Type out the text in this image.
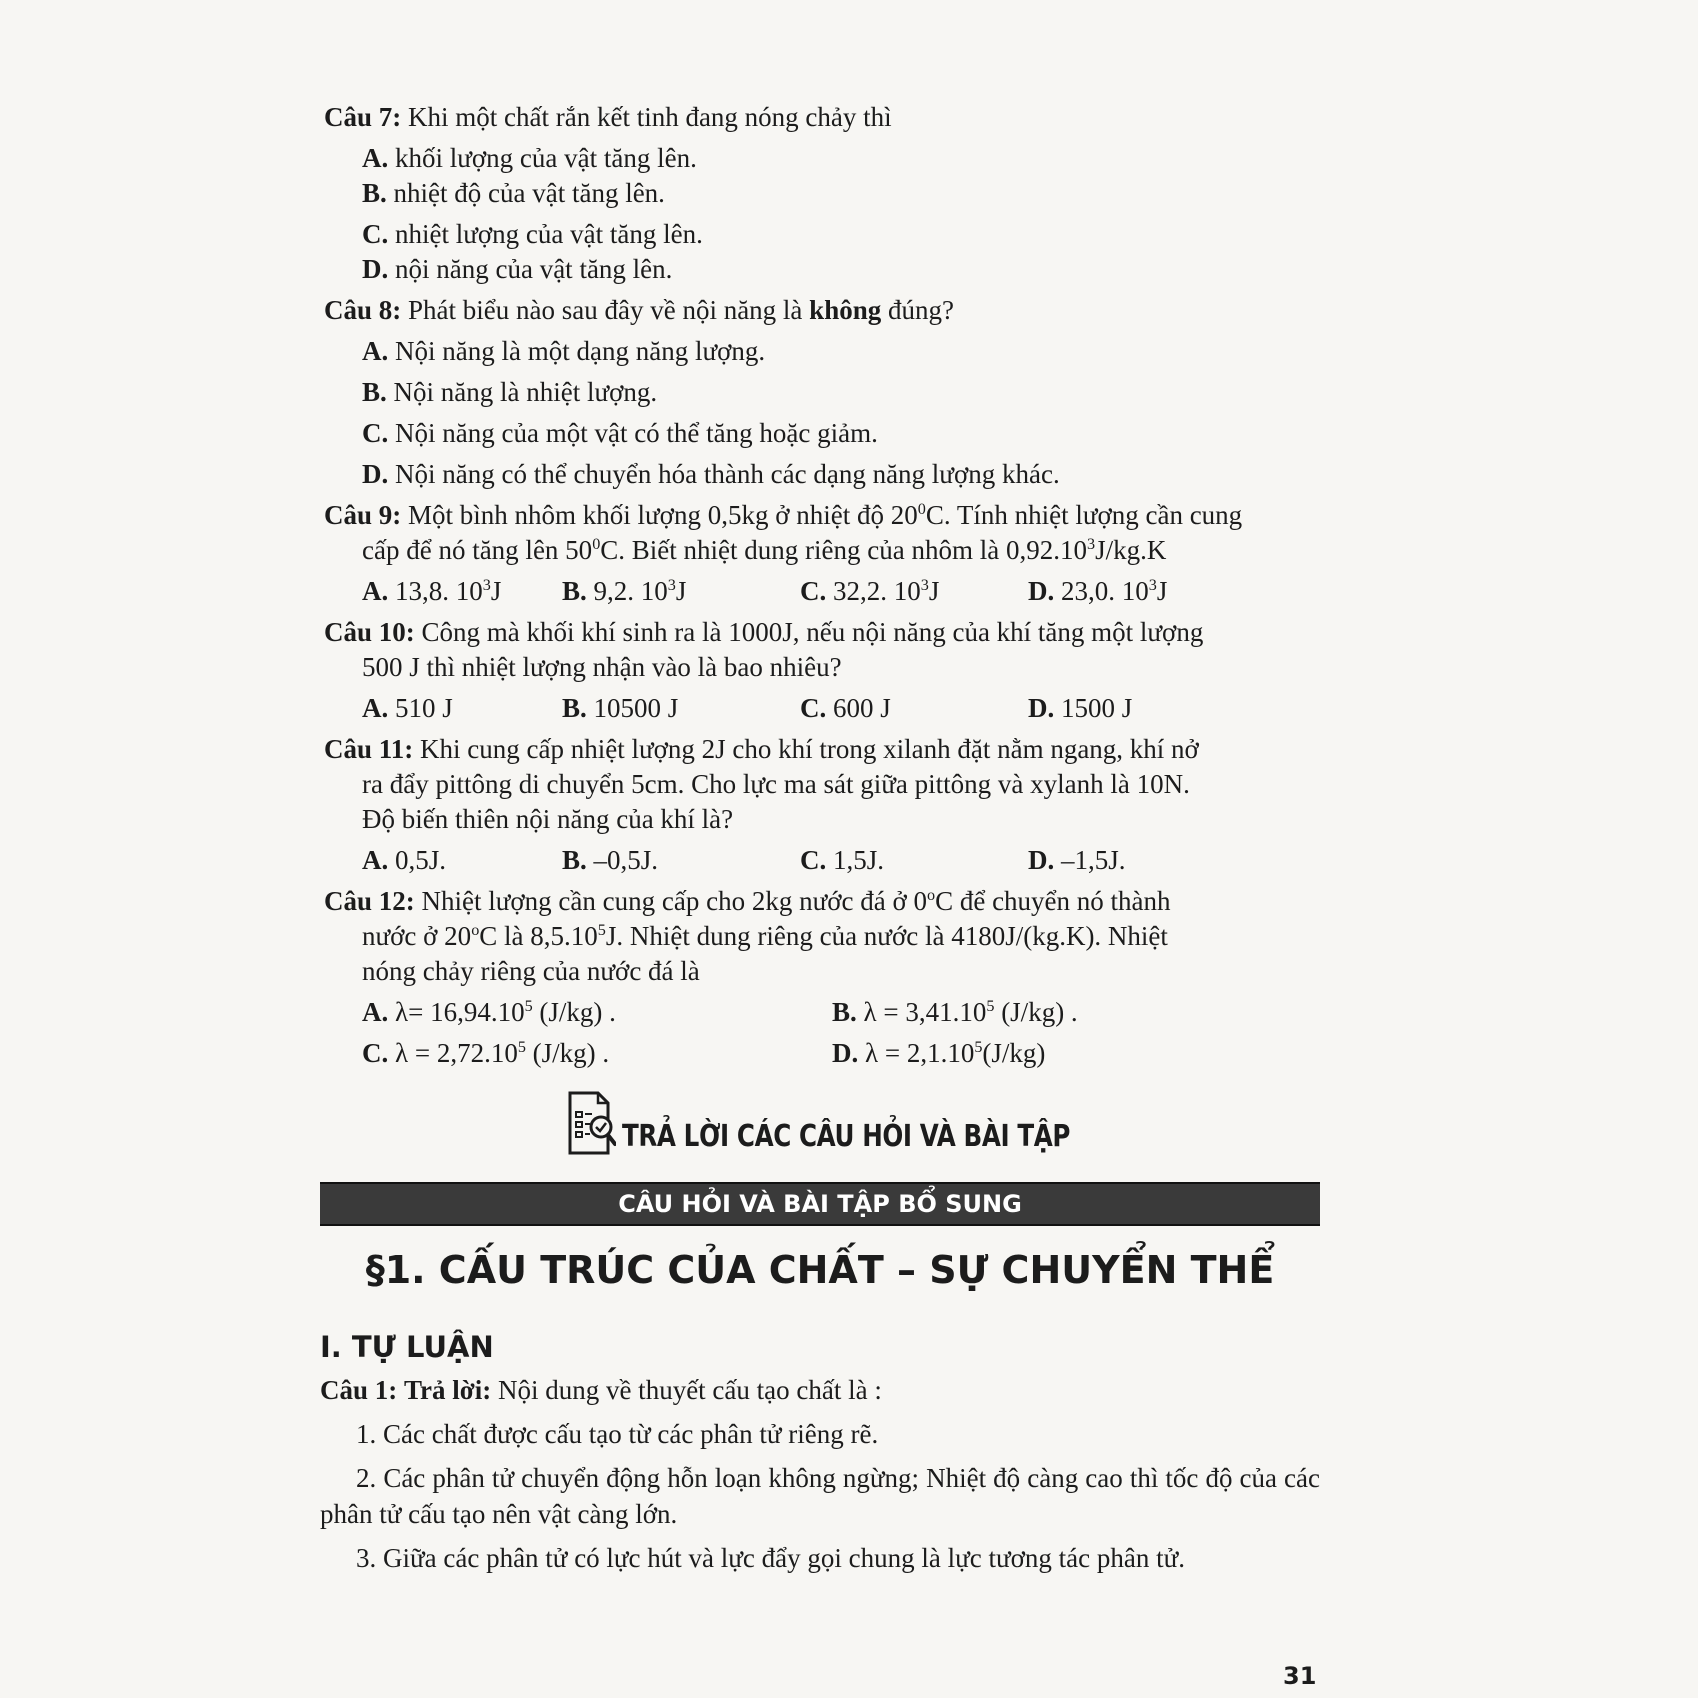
Câu 7: Khi một chất rắn kết tinh đang nóng chảy thì

A. khối lượng của vật tăng lên.
B. nhiệt độ của vật tăng lên.
C. nhiệt lượng của vật tăng lên.
D. nội năng của vật tăng lên.

Câu 8: Phát biểu nào sau đây về nội năng là không đúng?

A. Nội năng là một dạng năng lượng.
B. Nội năng là nhiệt lượng.
C. Nội năng của một vật có thể tăng hoặc giảm.
D. Nội năng có thể chuyển hóa thành các dạng năng lượng khác.

Câu 9: Một bình nhôm khối lượng 0,5kg ở nhiệt độ $20^0C$. Tính nhiệt lượng cần cung

cấp để nó tăng lên $50^0C$. Biết nhiệt dung riêng của nhôm là 0,92.10$^3$J/kg.K

A. 13,8. $10^3J$	B. 9,2. $10^3J$	C. 32,2. $10^3J$	D. 23,0. $10^3J$

Câu 10: Công mà khối khí sinh ra là 1000J, nếu nội năng của khí tăng một lượng

500 J thì nhiệt lượng nhận vào là bao nhiêu?

A. 510 J	B. 10500 J	C. 600 J	D. 1500 J

Câu 11: Khi cung cấp nhiệt lượng 2J cho khí trong xilanh đặt nằm ngang, khí nở

ra đẩy pittông di chuyển 5cm. Cho lực ma sát giữa pittông và xylanh là 10N.

Độ biến thiên nội năng của khí là?

A. 0,5J.	B. –0,5J.	C. 1,5J.	D. –1,5J.

Câu 12: Nhiệt lượng cần cung cấp cho 2kg nước đá ở 0$^o$C để chuyển nó thành

nước ở 20$^o$C là 8,5.10$^5$J. Nhiệt dung riêng của nước là 4180J/(kg.K). Nhiệt

nóng chảy riêng của nước đá là

A. $\lambda= 16,94.10^5$ (J/kg) .	B. $\lambda = 3,41.10^5$ (J/kg) .
C. $\lambda = 2,72.10^5$ (J/kg) .	D. $\lambda = 2,1.10^5(J/kg)$
TRẢ LỜI CÁC CÂU HỎI VÀ BÀI TẬP
CÂU HỎI VÀ BÀI TẬP BỔ SUNG
§1. CẤU TRÚC CỦA CHẤT – SỰ CHUYỂN THỂ
I. TỰ LUẬN

Câu 1: Trả lời: Nội dung về thuyết cấu tạo chất là :

1. Các chất được cấu tạo từ các phân tử riêng rẽ.

2. Các phân tử chuyển động hỗn loạn không ngừng; Nhiệt độ càng cao thì tốc độ của các phân tử cấu tạo nên vật càng lớn.

3. Giữa các phân tử có lực hút và lực đẩy gọi chung là lực tương tác phân tử.

31
